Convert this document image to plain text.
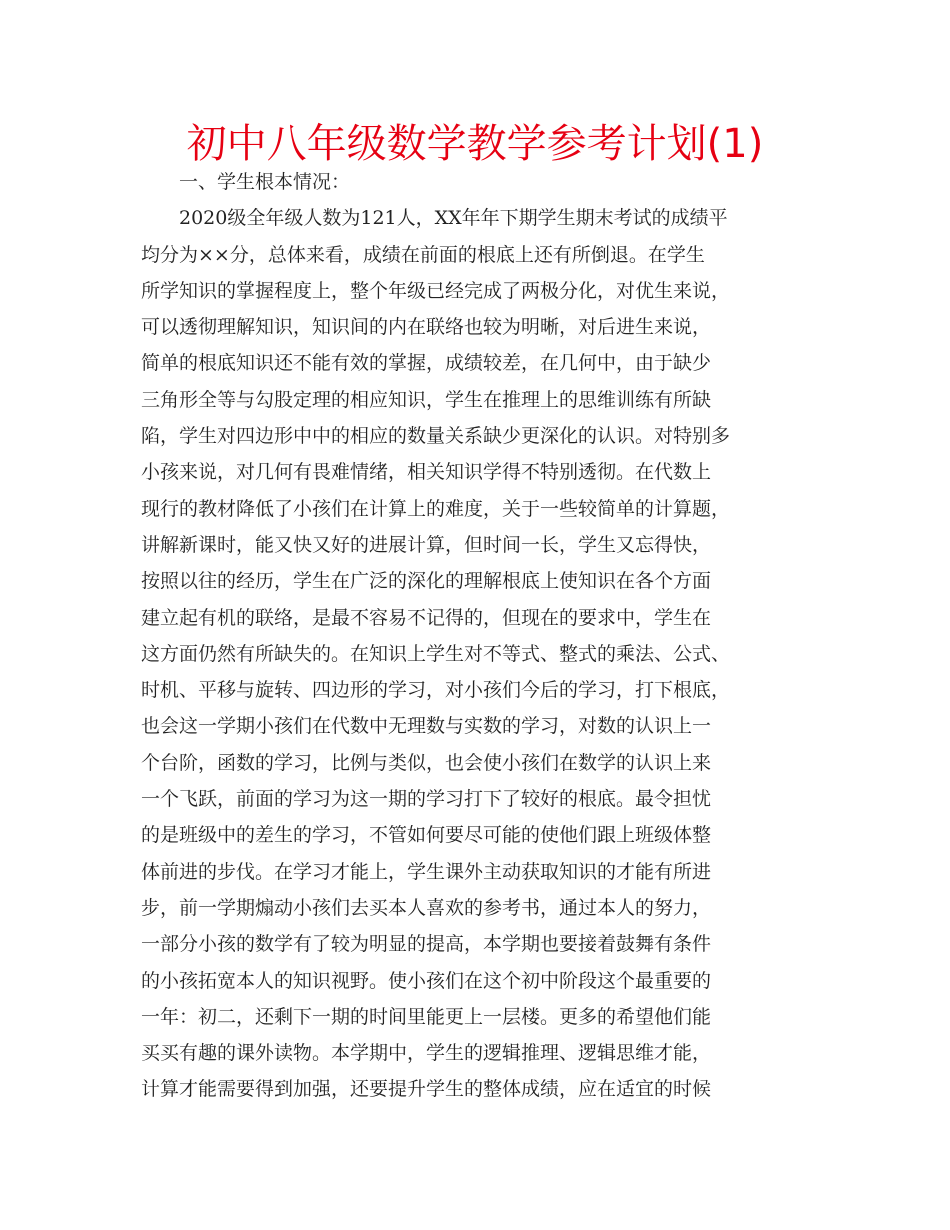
初中八年级数学教学参考计划(1)

一、学生根本情况：

2020级全年级人数为121人，XX年年下期学生期末考试的成绩平
均分为××分，总体来看，成绩在前面的根底上还有所倒退。在学生
所学知识的掌握程度上，整个年级已经完成了两极分化，对优生来说，
可以透彻理解知识，知识间的内在联络也较为明晰，对后进生来说，
简单的根底知识还不能有效的掌握，成绩较差，在几何中，由于缺少
三角形全等与勾股定理的相应知识，学生在推理上的思维训练有所缺
陷，学生对四边形中中的相应的数量关系缺少更深化的认识。对特别多
小孩来说，对几何有畏难情绪，相关知识学得不特别透彻。在代数上
现行的教材降低了小孩们在计算上的难度，关于一些较简单的计算题，
讲解新课时，能又快又好的进展计算，但时间一长，学生又忘得快，
按照以往的经历，学生在广泛的深化的理解根底上使知识在各个方面
建立起有机的联络，是最不容易不记得的，但现在的要求中，学生在
这方面仍然有所缺失的。在知识上学生对不等式、整式的乘法、公式、
时机、平移与旋转、四边形的学习，对小孩们今后的学习，打下根底，
也会这一学期小孩们在代数中无理数与实数的学习，对数的认识上一
个台阶，函数的学习，比例与类似，也会使小孩们在数学的认识上来
一个飞跃，前面的学习为这一期的学习打下了较好的根底。最令担忧
的是班级中的差生的学习，不管如何要尽可能的使他们跟上班级体整
体前进的步伐。在学习才能上，学生课外主动获取知识的才能有所进
步，前一学期煽动小孩们去买本人喜欢的参考书，通过本人的努力，
一部分小孩的数学有了较为明显的提高，本学期也要接着鼓舞有条件
的小孩拓宽本人的知识视野。使小孩们在这个初中阶段这个最重要的
一年：初二，还剩下一期的时间里能更上一层楼。更多的希望他们能
买买有趣的课外读物。本学期中，学生的逻辑推理、逻辑思维才能，
计算才能需要得到加强，还要提升学生的整体成绩，应在适宜的时候
